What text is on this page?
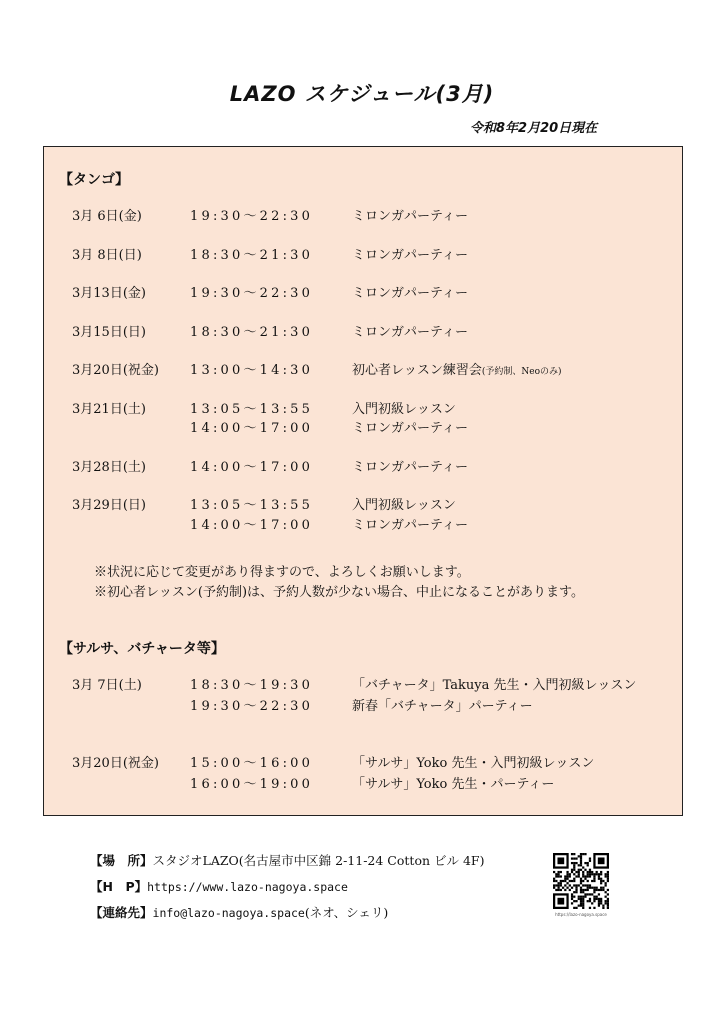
LAZO スケジュール(3月)
令和8年2月20日現在
【タンゴ】
3月 6日(金)	19:30〜22:30	ミロンガパーティー
3月 8日(日)	18:30〜21:30	ミロンガパーティー
3月13日(金)	19:30〜22:30	ミロンガパーティー
3月15日(日)	18:30〜21:30	ミロンガパーティー
3月20日(祝金) 13:00〜14:30	初心者レッスン練習会(予約制、Neoのみ)
3月21日(土)	13:05〜13:55	入門初級レッスン
14:00〜17:00	ミロンガパーティー
3月28日(土)	14:00〜17:00	ミロンガパーティー
3月29日(日)	13:05〜13:55	入門初級レッスン
14:00〜17:00	ミロンガパーティー
※状況に応じて変更があり得ますので、よろしくお願いします。
※初心者レッスン(予約制)は、予約人数が少ない場合、中止になることがあります。
【サルサ、バチャータ等】
3月 7日(土)	18:30〜19:30	「バチャータ」Takuya 先生・入門初級レッスン
19:30〜22:30	新春「バチャータ」パーティー
3月20日(祝金) 15:00〜16:00	「サルサ」Yoko 先生・入門初級レッスン
16:00〜19:00	「サルサ」Yoko 先生・パーティー
【場　所】スタジオLAZO(名古屋市中区錦 2-11-24 Cotton ビル 4F)
【H　P】https://www.lazo-nagoya.space
【連絡先】info@lazo-nagoya.space(ネオ、シェリ)	https://lazo-nagoya.space
